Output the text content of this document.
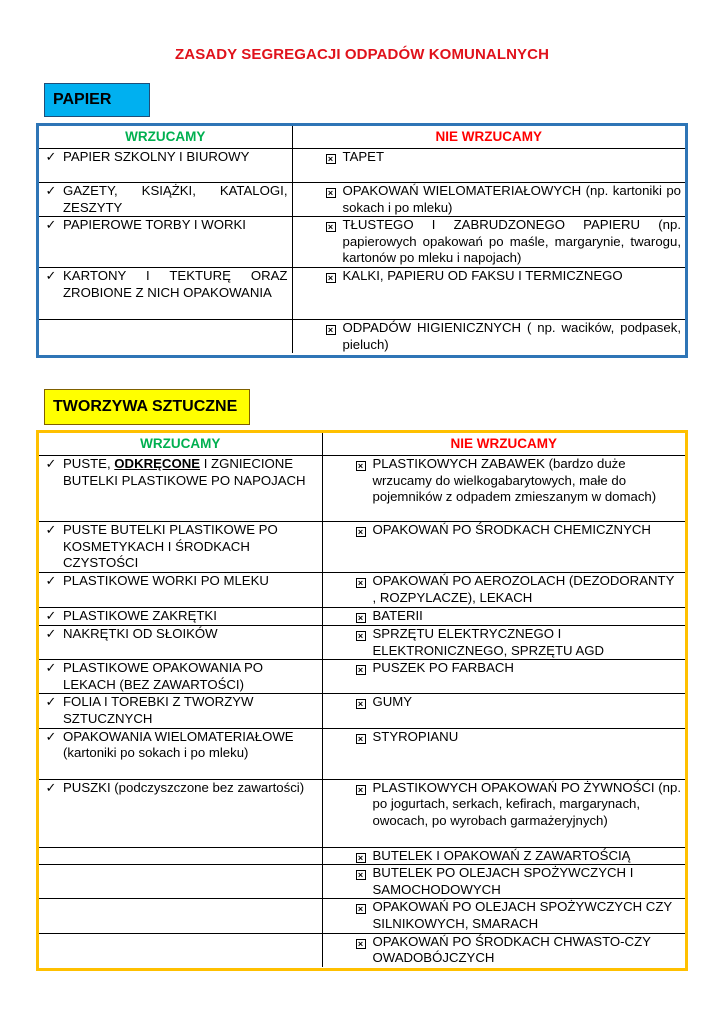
ZASADY SEGREGACJI ODPADÓW KOMUNALNYCH
PAPIER
WRZUCAMY	NIE WRZUCAMY

✓ PAPIER SZKOLNY I BIUROWY	× TAPET

✓ GAZETY, KSIĄŻKI, KATALOGI, ZESZYTY	× OPAKOWAŃ WIELOMATERIAŁOWYCH (np. kartoniki po sokach i po mleku)

✓ PAPIEROWE TORBY I WORKI	× TŁUSTEGO I ZABRUDZONEGO PAPIERU (np. papierowych opakowań po maśle, margarynie, twarogu, kartonów po mleku i napojach)

✓ KARTONY I TEKTURĘ ORAZ ZROBIONE Z NICH OPAKOWANIA	× KALKI, PAPIERU OD FAKSU I TERMICZNEGO

	× ODPADÓW HIGIENICZNYCH ( np. wacików, podpasek, pieluch)
TWORZYWA SZTUCZNE
WRZUCAMY	NIE WRZUCAMY

✓ PUSTE, ODKRĘCONE I ZGNIECIONE BUTELKI PLASTIKOWE PO NAPOJACH	× PLASTIKOWYCH ZABAWEK (bardzo duże wrzucamy do wielkogabarytowych, małe do pojemników z odpadem zmieszanym w domach)

✓ PUSTE BUTELKI PLASTIKOWE PO KOSMETYKACH I ŚRODKACH CZYSTOŚCI	× OPAKOWAŃ PO ŚRODKACH CHEMICZNYCH

✓ PLASTIKOWE WORKI PO MLEKU	× OPAKOWAŃ PO AEROZOLACH (DEZODORANTY , ROZPYLACZE), LEKACH

✓ PLASTIKOWE ZAKRĘTKI	× BATERII

✓ NAKRĘTKI OD SŁOIKÓW	× SPRZĘTU ELEKTRYCZNEGO I ELEKTRONICZNEGO, SPRZĘTU AGD

✓ PLASTIKOWE OPAKOWANIA PO LEKACH (BEZ ZAWARTOŚCI)	× PUSZEK PO FARBACH

✓ FOLIA I TOREBKI Z TWORZYW SZTUCZNYCH	× GUMY

✓ OPAKOWANIA WIELOMATERIAŁOWE (kartoniki po sokach i po mleku)	× STYROPIANU

✓ PUSZKI (podczyszczone bez zawartości)	× PLASTIKOWYCH OPAKOWAŃ PO ŻYWNOŚCI (np. po jogurtach, serkach, kefirach, margarynach, owocach, po wyrobach garmażeryjnych)

	× BUTELEK I OPAKOWAŃ Z ZAWARTOŚCIĄ

	× BUTELEK PO OLEJACH SPOŻYWCZYCH I SAMOCHODOWYCH

	× OPAKOWAŃ PO OLEJACH SPOŻYWCZYCH CZY SILNIKOWYCH, SMARACH

	× OPAKOWAŃ PO ŚRODKACH CHWASTO-CZY OWADOBÓJCZYCH
